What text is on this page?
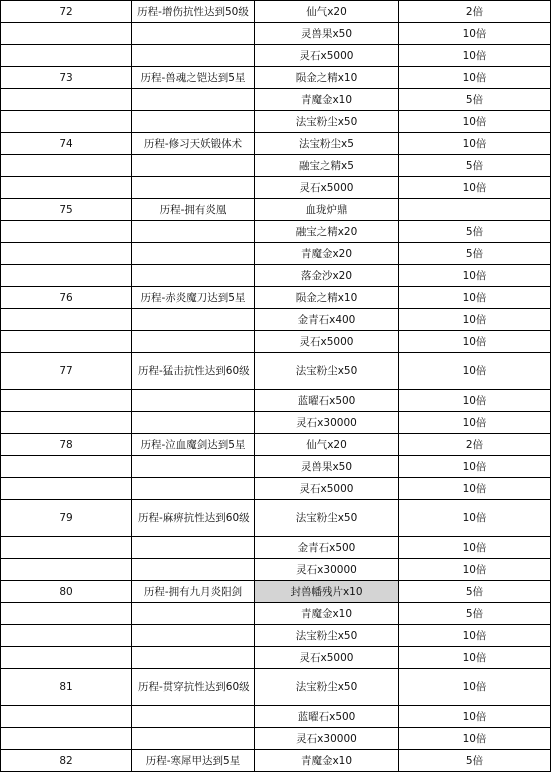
72	历程-增伤抗性达到50级	仙气x20	2倍
		灵兽果x50	10倍
		灵石x5000	10倍
73	历程-兽魂之铠达到5星	陨金之精x10	10倍
		青魔金x10	5倍
		法宝粉尘x50	10倍
74	历程-修习天妖锻体术	法宝粉尘x5	10倍
		融宝之精x5	5倍
		灵石x5000	10倍
75	历程-拥有炎凰	血珑炉鼎	
		融宝之精x20	5倍
		青魔金x20	5倍
		落金沙x20	10倍
76	历程-赤炎魔刀达到5星	陨金之精x10	10倍
		金青石x400	10倍
		灵石x5000	10倍
77	历程-猛击抗性达到60级	法宝粉尘x50	10倍
		蓝曜石x500	10倍
		灵石x30000	10倍
78	历程-泣血魔剑达到5星	仙气x20	2倍
		灵兽果x50	10倍
		灵石x5000	10倍
79	历程-麻痹抗性达到60级	法宝粉尘x50	10倍
		金青石x500	10倍
		灵石x30000	10倍
80	历程-拥有九月炎阳剑	封兽幡残片x10	5倍
		青魔金x10	5倍
		法宝粉尘x50	10倍
		灵石x5000	10倍
81	历程-贯穿抗性达到60级	法宝粉尘x50	10倍
		蓝曜石x500	10倍
		灵石x30000	10倍
82	历程-寒犀甲达到5星	青魔金x10	5倍
